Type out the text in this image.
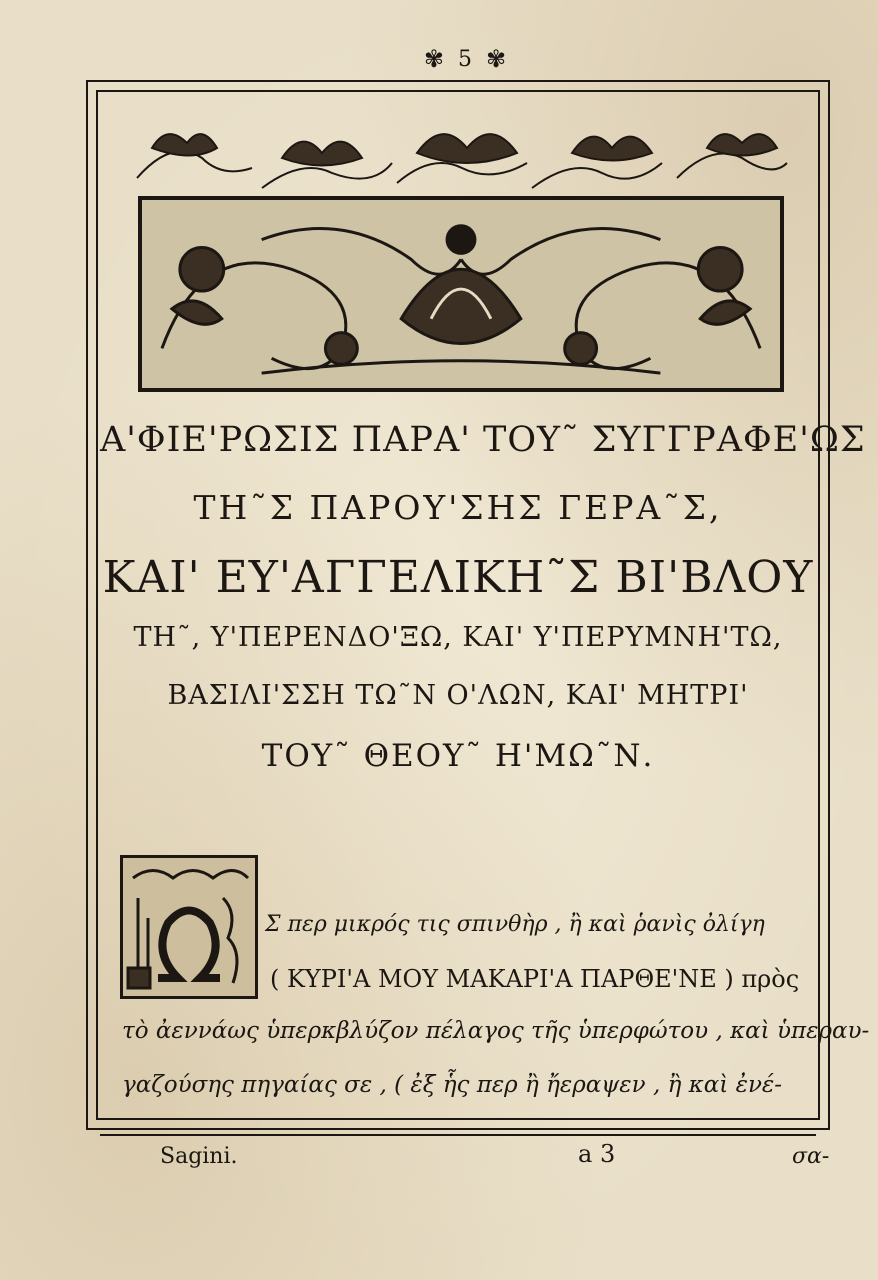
✾ 5 ✾
Α'ΦΙΕ'ΡΩΣΙΣ ΠΑΡΑ' ΤΟΥ˜ ΣΥΓΓΡΑΦΕ'ΩΣ
ΤΗ˜Σ ΠΑΡΟΥ'ΣΗΣ ΓΕΡΑ˜Σ,
ΚΑΙ' ΕΥ'ΑΓΓΕΛΙΚΗ˜Σ ΒΙ'ΒΛΟΥ
ΤΗ˜, Υ'ΠΕΡΕΝΔΟ'ΞΩ, ΚΑΙ' Υ'ΠΕΡΥΜΝΗ'ΤΩ,
ΒΑΣΙΛΙ'ΣΣΗ ΤΩ˜Ν Ο'ΛΩΝ, ΚΑΙ' ΜΗΤΡΙ'
ΤΟΥ˜ ΘΕΟΥ˜ Η'ΜΩ˜Ν.
Σ περ μικρός τις σπινθὴρ , ἢ καὶ ῥανὶς ὀλίγη
( ΚΥΡΙ'Α ΜΟΥ ΜΑΚΑΡΙ'Α ΠΑΡΘΕ'ΝΕ ) πρὸς
τὸ ἀεννάως ὑπερκβλύζον πέλαγος τῆς ὑπερφώτου , καὶ ὑπεραυ-
γαζούσης πηγαίας σε , ( ἐξ ἧς περ ἢ ἤεραψεν , ἢ καὶ ἐνέ-
Sagini.	a 3	σα-
